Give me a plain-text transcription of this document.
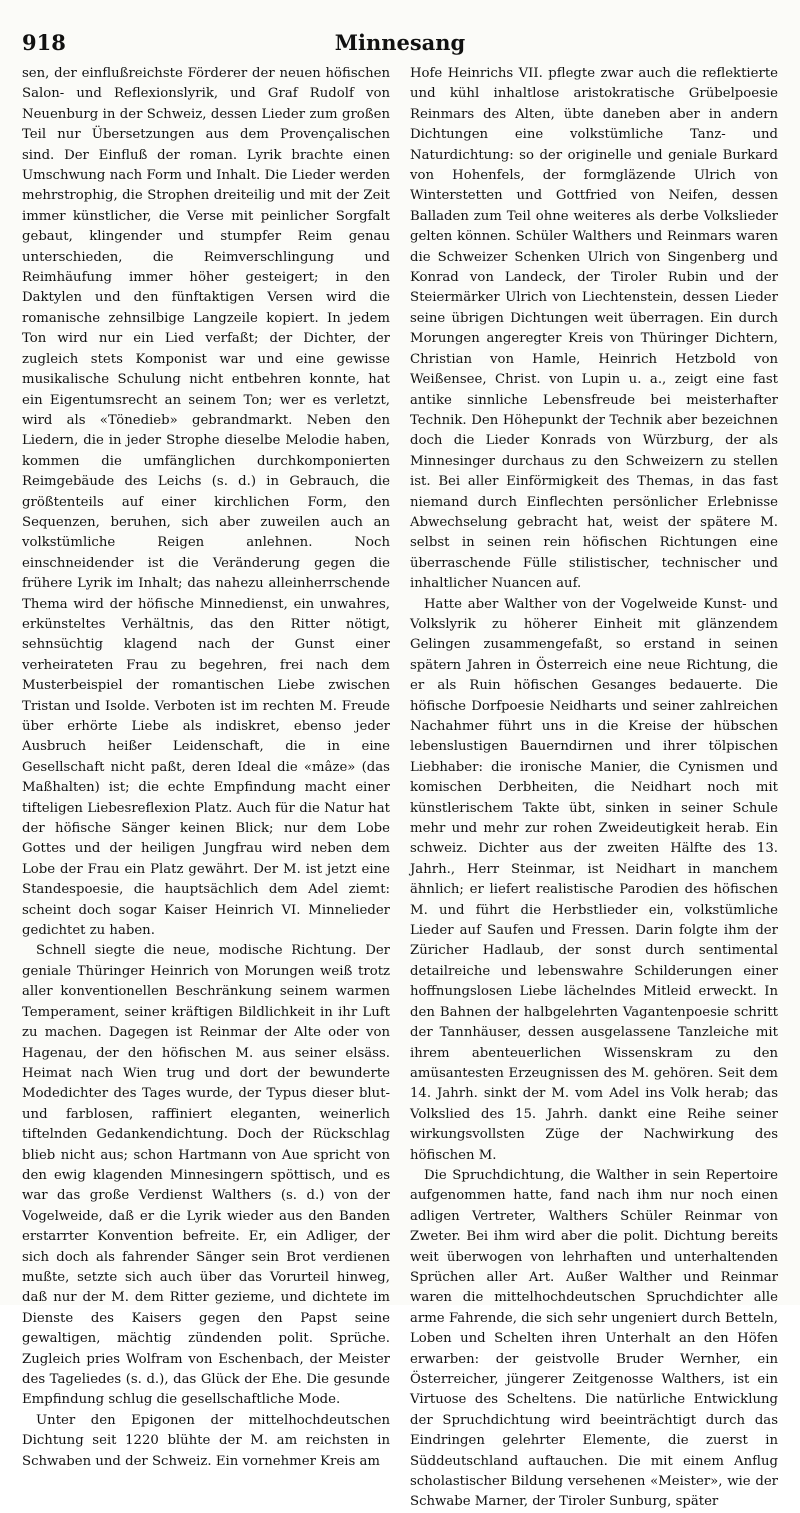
918	Minnesang

sen, der einflußreichste Förderer der neuen höfischen Salon- und Reflexionslyrik, und Graf Rudolf von Neuenburg in der Schweiz, dessen Lieder zum großen Teil nur Übersetzungen aus dem Provençalischen sind. Der Einfluß der roman. Lyrik brachte einen Umschwung nach Form und Inhalt. Die Lieder werden mehrstrophig, die Strophen dreiteilig und mit der Zeit immer künstlicher, die Verse mit peinlicher Sorgfalt gebaut, klingender und stumpfer Reim genau unterschieden, die Reimverschlingung und Reimhäufung immer höher gesteigert; in den Daktylen und den fünftaktigen Versen wird die romanische zehnsilbige Langzeile kopiert. In jedem Ton wird nur ein Lied verfaßt; der Dichter, der zugleich stets Komponist war und eine gewisse musikalische Schulung nicht entbehren konnte, hat ein Eigentumsrecht an seinem Ton; wer es verletzt, wird als «Tönedieb» gebrandmarkt. Neben den Liedern, die in jeder Strophe dieselbe Melodie haben, kommen die umfänglichen durchkomponierten Reimgebäude des Leichs (s. d.) in Gebrauch, die größtenteils auf einer kirchlichen Form, den Sequenzen, beruhen, sich aber zuweilen auch an volkstümliche Reigen anlehnen. Noch einschneidender ist die Veränderung gegen die frühere Lyrik im Inhalt; das nahezu alleinherrschende Thema wird der höfische Minnedienst, ein unwahres, erkünsteltes Verhältnis, das den Ritter nötigt, sehnsüchtig klagend nach der Gunst einer verheirateten Frau zu begehren, frei nach dem Musterbeispiel der romantischen Liebe zwischen Tristan und Isolde. Verboten ist im rechten M. Freude über erhörte Liebe als indiskret, ebenso jeder Ausbruch heißer Leidenschaft, die in eine Gesellschaft nicht paßt, deren Ideal die «mâze» (das Maßhalten) ist; die echte Empfindung macht einer tifteligen Liebesreflexion Platz. Auch für die Natur hat der höfische Sänger keinen Blick; nur dem Lobe Gottes und der heiligen Jungfrau wird neben dem Lobe der Frau ein Platz gewährt. Der M. ist jetzt eine Standespoesie, die hauptsächlich dem Adel ziemt: scheint doch sogar Kaiser Heinrich VI. Minnelieder gedichtet zu haben.

Schnell siegte die neue, modische Richtung. Der geniale Thüringer Heinrich von Morungen weiß trotz aller konventionellen Beschränkung seinem warmen Temperament, seiner kräftigen Bildlichkeit in ihr Luft zu machen. Dagegen ist Reinmar der Alte oder von Hagenau, der den höfischen M. aus seiner elsäss. Heimat nach Wien trug und dort der bewunderte Modedichter des Tages wurde, der Typus dieser blut- und farblosen, raffiniert eleganten, weinerlich tiftelnden Gedankendichtung. Doch der Rückschlag blieb nicht aus; schon Hartmann von Aue spricht von den ewig klagenden Minnesingern spöttisch, und es war das große Verdienst Walthers (s. d.) von der Vogelweide, daß er die Lyrik wieder aus den Banden erstarrter Konvention befreite. Er, ein Adliger, der sich doch als fahrender Sänger sein Brot verdienen mußte, setzte sich auch über das Vorurteil hinweg, daß nur der M. dem Ritter gezieme, und dichtete im Dienste des Kaisers gegen den Papst seine gewaltigen, mächtig zündenden polit. Sprüche. Zugleich pries Wolfram von Eschenbach, der Meister des Tageliedes (s. d.), das Glück der Ehe. Die gesunde Empfindung schlug die gesellschaftliche Mode.

Unter den Epigonen der mittelhochdeutschen Dichtung seit 1220 blühte der M. am reichsten in Schwaben und der Schweiz. Ein vornehmer Kreis am

Hofe Heinrichs VII. pflegte zwar auch die reflektierte und kühl inhaltlose aristokratische Grübelpoesie Reinmars des Alten, übte daneben aber in andern Dichtungen eine volkstümliche Tanz- und Naturdichtung: so der originelle und geniale Burkard von Hohenfels, der formgläzende Ulrich von Winterstetten und Gottfried von Neifen, dessen Balladen zum Teil ohne weiteres als derbe Volkslieder gelten können. Schüler Walthers und Reinmars waren die Schweizer Schenken Ulrich von Singenberg und Konrad von Landeck, der Tiroler Rubin und der Steiermärker Ulrich von Liechtenstein, dessen Lieder seine übrigen Dichtungen weit überragen. Ein durch Morungen angeregter Kreis von Thüringer Dichtern, Christian von Hamle, Heinrich Hetzbold von Weißensee, Christ. von Lupin u. a., zeigt eine fast antike sinnliche Lebensfreude bei meisterhafter Technik. Den Höhepunkt der Technik aber bezeichnen doch die Lieder Konrads von Würzburg, der als Minnesinger durchaus zu den Schweizern zu stellen ist. Bei aller Einförmigkeit des Themas, in das fast niemand durch Einflechten persönlicher Erlebnisse Abwechselung gebracht hat, weist der spätere M. selbst in seinen rein höfischen Richtungen eine überraschende Fülle stilistischer, technischer und inhaltlicher Nuancen auf.

Hatte aber Walther von der Vogelweide Kunst- und Volkslyrik zu höherer Einheit mit glänzendem Gelingen zusammengefaßt, so erstand in seinen spätern Jahren in Österreich eine neue Richtung, die er als Ruin höfischen Gesanges bedauerte. Die höfische Dorfpoesie Neidharts und seiner zahlreichen Nachahmer führt uns in die Kreise der hübschen lebenslustigen Bauerndirnen und ihrer tölpischen Liebhaber: die ironische Manier, die Cynismen und komischen Derbheiten, die Neidhart noch mit künstlerischem Takte übt, sinken in seiner Schule mehr und mehr zur rohen Zweideutigkeit herab. Ein schweiz. Dichter aus der zweiten Hälfte des 13. Jahrh., Herr Steinmar, ist Neidhart in manchem ähnlich; er liefert realistische Parodien des höfischen M. und führt die Herbstlieder ein, volkstümliche Lieder auf Saufen und Fressen. Darin folgte ihm der Züricher Hadlaub, der sonst durch sentimental detailreiche und lebenswahre Schilderungen einer hoffnungslosen Liebe lächelndes Mitleid erweckt. In den Bahnen der halbgelehrten Vagantenpoesie schritt der Tannhäuser, dessen ausgelassene Tanzleiche mit ihrem abenteuerlichen Wissenskram zu den amüsantesten Erzeugnissen des M. gehören. Seit dem 14. Jahrh. sinkt der M. vom Adel ins Volk herab; das Volkslied des 15. Jahrh. dankt eine Reihe seiner wirkungsvollsten Züge der Nachwirkung des höfischen M.

Die Spruchdichtung, die Walther in sein Repertoire aufgenommen hatte, fand nach ihm nur noch einen adligen Vertreter, Walthers Schüler Reinmar von Zweter. Bei ihm wird aber die polit. Dichtung bereits weit überwogen von lehrhaften und unterhaltenden Sprüchen aller Art. Außer Walther und Reinmar waren die mittelhochdeutschen Spruchdichter alle arme Fahrende, die sich sehr ungeniert durch Betteln, Loben und Schelten ihren Unterhalt an den Höfen erwarben: der geistvolle Bruder Wernher, ein Österreicher, jüngerer Zeitgenosse Walthers, ist ein Virtuose des Scheltens. Die natürliche Entwicklung der Spruchdichtung wird beeinträchtigt durch das Eindringen gelehrter Elemente, die zuerst in Süddeutschland auftauchen. Die mit einem Anflug scholastischer Bildung versehenen «Meister», wie der Schwabe Marner, der Tiroler Sunburg, später
